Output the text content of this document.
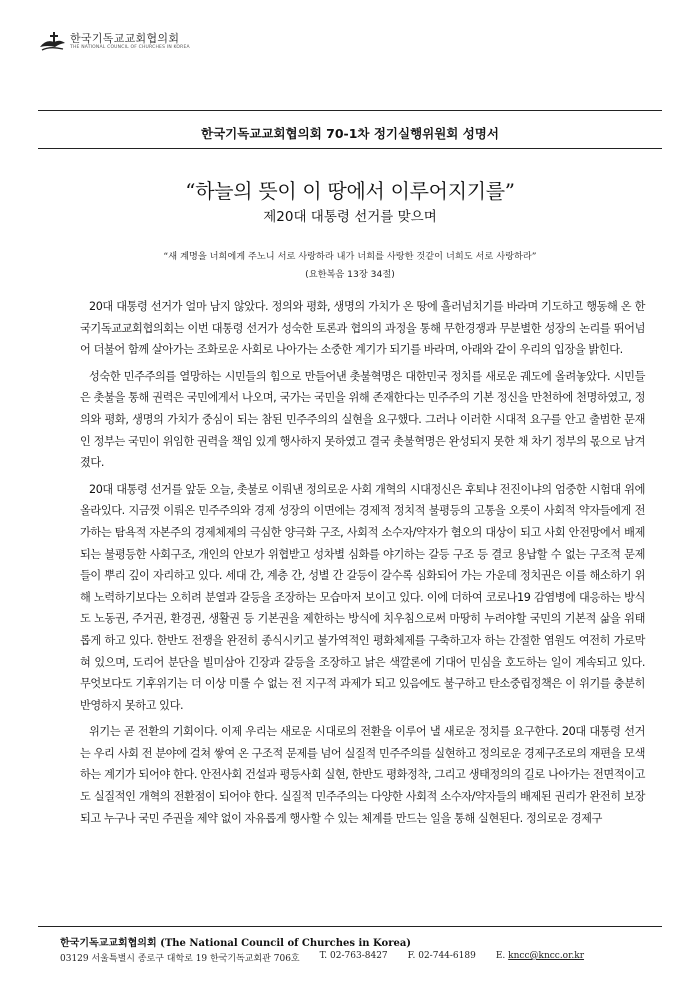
한국기독교교회협의회
THE NATIONAL COUNCIL OF CHURCHES IN KOREA
한국기독교교회협의회 70-1차 정기실행위원회 성명서
“하늘의 뜻이 이 땅에서 이루어지기를”
제20대 대통령 선거를 맞으며
“새 계명을 너희에게 주노니 서로 사랑하라 내가 너희를 사랑한 것같이 너희도 서로 사랑하라”
(요한복음 13장 34절)

20대 대통령 선거가 얼마 남지 않았다. 정의와 평화, 생명의 가치가 온 땅에 흘러넘치기를 바라며 기도하고 행동해 온 한국기독교교회협의회는 이번 대통령 선거가 성숙한 토론과 협의의 과정을 통해 무한경쟁과 무분별한 성장의 논리를 뛰어넘어 더불어 함께 살아가는 조화로운 사회로 나아가는 소중한 계기가 되기를 바라며, 아래와 같이 우리의 입장을 밝힌다.

성숙한 민주주의를 열망하는 시민들의 힘으로 만들어낸 촛불혁명은 대한민국 정치를 새로운 궤도에 올려놓았다. 시민들은 촛불을 통해 권력은 국민에게서 나오며, 국가는 국민을 위해 존재한다는 민주주의 기본 정신을 만천하에 천명하였고, 정의와 평화, 생명의 가치가 중심이 되는 참된 민주주의의 실현을 요구했다. 그러나 이러한 시대적 요구를 안고 출범한 문재인 정부는 국민이 위임한 권력을 책임 있게 행사하지 못하였고 결국 촛불혁명은 완성되지 못한 채 차기 정부의 몫으로 남겨졌다.

20대 대통령 선거를 앞둔 오늘, 촛불로 이뤄낸 정의로운 사회 개혁의 시대정신은 후퇴냐 전진이냐의 엄중한 시험대 위에 올라있다. 지금껏 이뤄온 민주주의와 경제 성장의 이면에는 경제적 정치적 불평등의 고통을 오롯이 사회적 약자들에게 전가하는 탐욕적 자본주의 경제체제의 극심한 양극화 구조, 사회적 소수자/약자가 혐오의 대상이 되고 사회 안전망에서 배제되는 불평등한 사회구조, 개인의 안보가 위협받고 성차별 심화를 야기하는 갈등 구조 등 결코 용납할 수 없는 구조적 문제들이 뿌리 깊이 자리하고 있다. 세대 간, 계층 간, 성별 간 갈등이 갈수록 심화되어 가는 가운데 정치권은 이를 해소하기 위해 노력하기보다는 오히려 분열과 갈등을 조장하는 모습마저 보이고 있다. 이에 더하여 코로나19 감염병에 대응하는 방식도 노동권, 주거권, 환경권, 생활권 등 기본권을 제한하는 방식에 치우침으로써 마땅히 누려야할 국민의 기본적 삶을 위태롭게 하고 있다. 한반도 전쟁을 완전히 종식시키고 불가역적인 평화체제를 구축하고자 하는 간절한 염원도 여전히 가로막혀 있으며, 도리어 분단을 빌미삼아 긴장과 갈등을 조장하고 낡은 색깔론에 기대어 민심을 호도하는 일이 계속되고 있다. 무엇보다도 기후위기는 더 이상 미룰 수 없는 전 지구적 과제가 되고 있음에도 불구하고 탄소중립정책은 이 위기를 충분히 반영하지 못하고 있다.

위기는 곧 전환의 기회이다. 이제 우리는 새로운 시대로의 전환을 이루어 낼 새로운 정치를 요구한다. 20대 대통령 선거는 우리 사회 전 분야에 걸쳐 쌓여 온 구조적 문제를 넘어 실질적 민주주의를 실현하고 정의로운 경제구조로의 재편을 모색하는 계기가 되어야 한다. 안전사회 건설과 평등사회 실현, 한반도 평화정착, 그리고 생태정의의 길로 나아가는 전면적이고도 실질적인 개혁의 전환점이 되어야 한다. 실질적 민주주의는 다양한 사회적 소수자/약자들의 배제된 권리가 완전히 보장되고 누구나 국민 주권을 제약 없이 자유롭게 행사할 수 있는 체계를 만드는 일을 통해 실현된다. 정의로운 경제구

한국기독교교회협의회 (The National Council of Churches in Korea)
03129 서울특별시 종로구 대학로 19 한국기독교회관 706호 T. 02-763-8427 F. 02-744-6189 E. kncc@kncc.or.kr
